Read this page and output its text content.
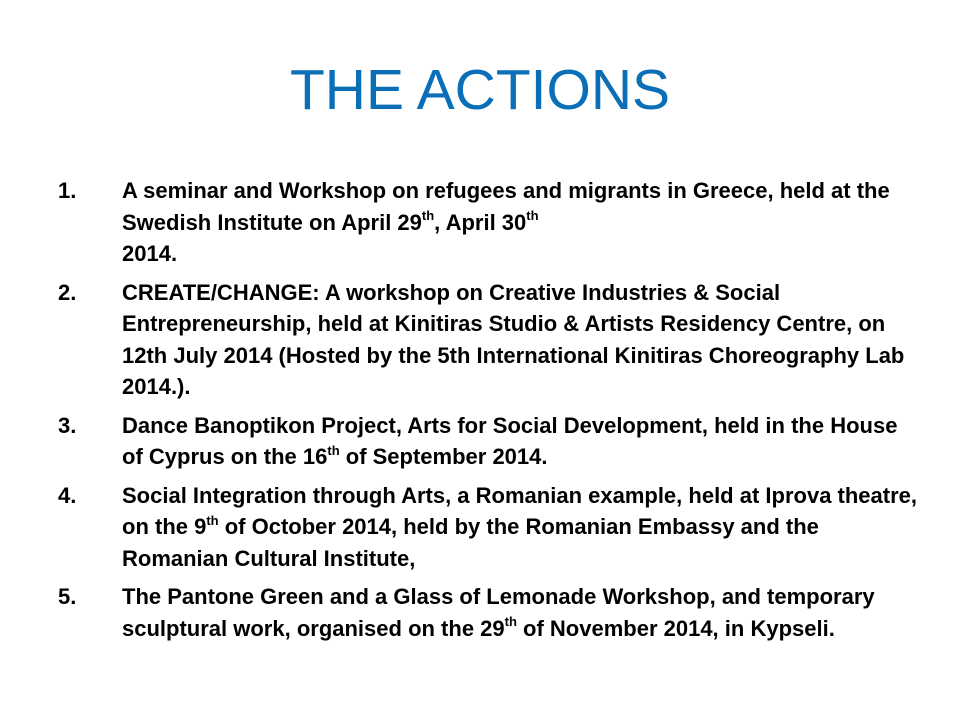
THE ACTIONS
1.	A seminar and Workshop on refugees and migrants in Greece, held at the Swedish Institute on April 29th, April 30th
2014.
2.	CREATE/CHANGE: A workshop on Creative Industries & Social Entrepreneurship, held at Kinitiras Studio & Artists Residency Centre, on 12th July 2014 (Hosted by the 5th International Kinitiras Choreography Lab 2014.).
3.	Dance Banoptikon Project, Arts for Social Development, held in the House of Cyprus on the 16th of September 2014.
4.	Social Integration through Arts, a Romanian example, held at Iprova theatre, on the 9th of October 2014, held by the Romanian Embassy and the Romanian Cultural Institute,
5.	The Pantone Green and a Glass of Lemonade Workshop, and temporary sculptural work, organised on the 29th of November 2014, in Kypseli.
